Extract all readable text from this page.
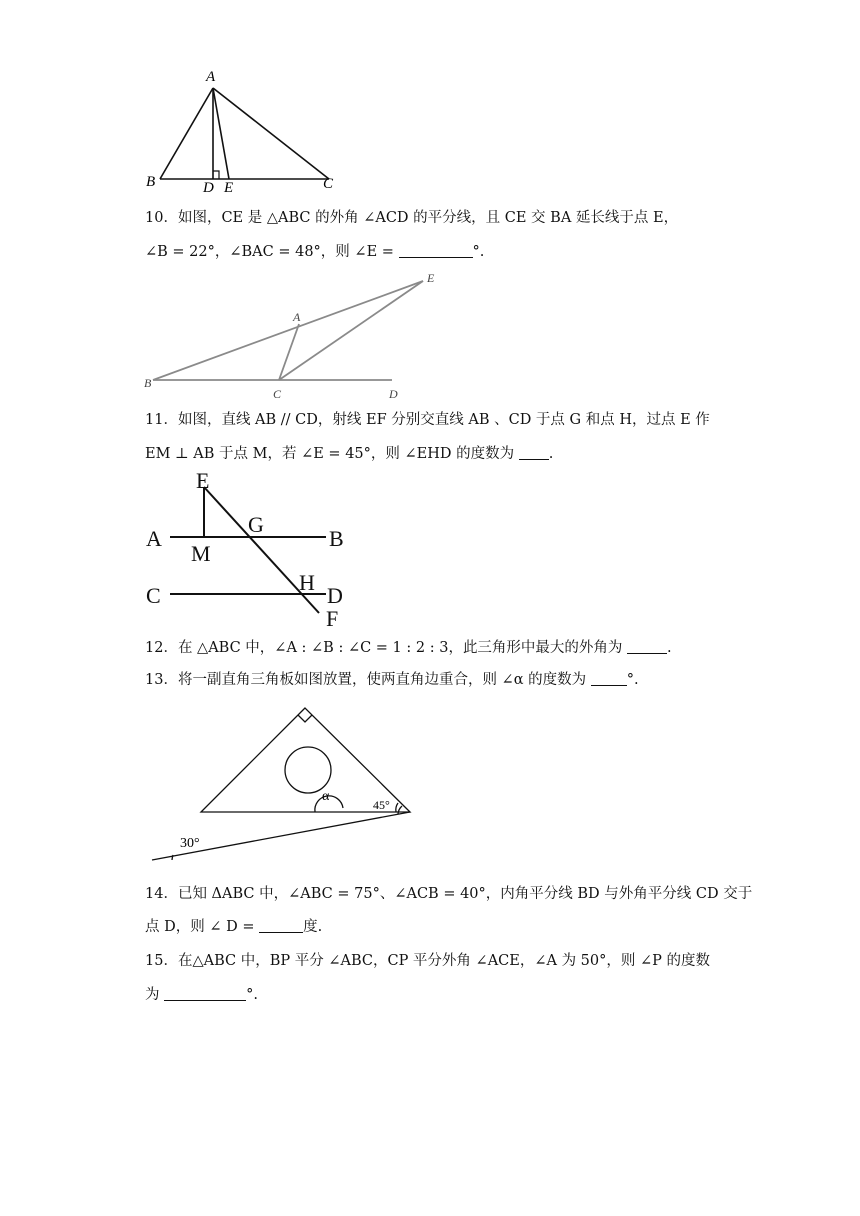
A
B	C
D E
10．如图，CE 是 △ABC 的外角 ∠ACD 的平分线，且 CE 交 BA 延长线于点 E，
∠B = 22°，∠BAC = 48°，则 ∠E =	°.
A
B
C	D
E
11．如图，直线 AB // CD，射线 EF 分别交直线 AB 、CD 于点 G 和点 H，过点 E 作
EM ⊥ AB 于点 M，若 ∠E = 45°，则 ∠EHD 的度数为 .
E
A
M
G
B
C
H
D
F
12．在 △ABC 中，∠A : ∠B : ∠C = 1 : 2 : 3，此三角形中最大的外角为	.
13．将一副直角三角板如图放置，使两直角边重合，则 ∠α 的度数为	°.
α
45°
30°
14．已知 ΔABC 中，∠ABC = 75°、∠ACB = 40°，内角平分线 BD 与外角平分线 CD 交于
点 D，则 ∠ D =	度.
15．在△ABC 中，BP 平分 ∠ABC，CP 平分外角 ∠ACE，∠A 为 50°，则 ∠P 的度数
为	°.
